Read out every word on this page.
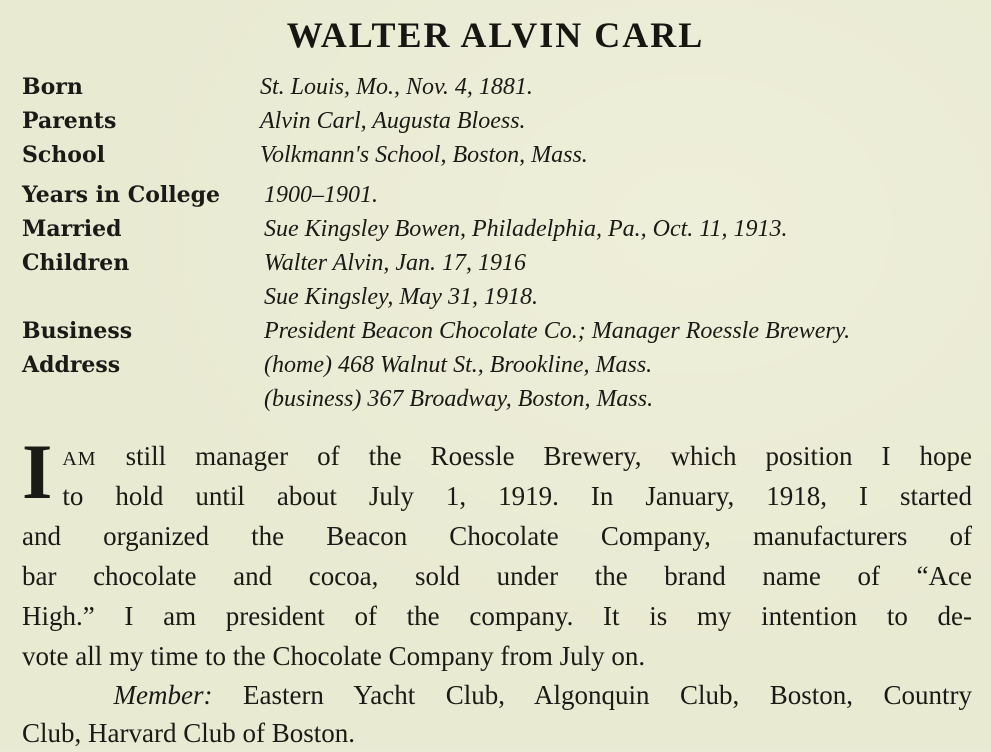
WALTER ALVIN CARL
Born	St. Louis, Mo., Nov. 4, 1881.
Parents	Alvin Carl, Augusta Bloess.
School	Volkmann's School, Boston, Mass.
Years in College 1900–1901.
Married	Sue Kingsley Bowen, Philadelphia, Pa., Oct. 11, 1913.
Children	Walter Alvin, Jan. 17, 1916
Sue Kingsley, May 31, 1918.
Business	President Beacon Chocolate Co.; Manager Roessle Brewery.
Address	(home) 468 Walnut St., Brookline, Mass.
(business) 367 Broadway, Boston, Mass.
I AM still manager of the Roessle Brewery, which position I hope
to hold until about July 1, 1919. In January, 1918, I started
and organized the Beacon Chocolate Company, manufacturers of
bar chocolate and cocoa, sold under the brand name of “Ace
High.” I am president of the company. It is my intention to de-
vote all my time to the Chocolate Company from July on.
Member: Eastern Yacht Club, Algonquin Club, Boston, Country
Club, Harvard Club of Boston.
